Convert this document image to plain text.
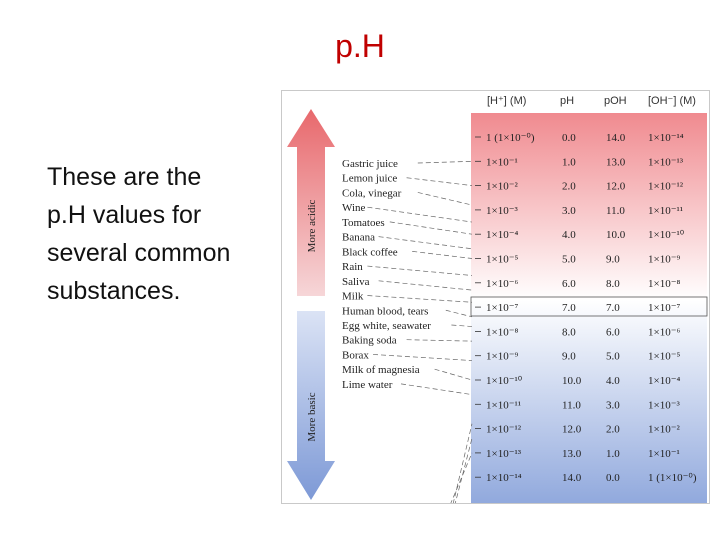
p.H
These are the p.H values for several common substances.
More acidic
More basic
[H⁺] (M)	pH	pOH [OH⁻] (M)
1 (1×10⁻⁰)	0.0	14.0 1×10⁻¹⁴
1×10⁻¹	1.0	13.0 1×10⁻¹³
1×10⁻²	2.0	12.0 1×10⁻¹²
1×10⁻³	3.0	11.0 1×10⁻¹¹
1×10⁻⁴	4.0	10.0 1×10⁻¹⁰
1×10⁻⁵	5.0	9.0	1×10⁻⁹
1×10⁻⁶	6.0	8.0	1×10⁻⁸
1×10⁻⁷	7.0	7.0	1×10⁻⁷
1×10⁻⁸	8.0	6.0	1×10⁻⁶
1×10⁻⁹	9.0	5.0	1×10⁻⁵
1×10⁻¹⁰	10.0 4.0	1×10⁻⁴
1×10⁻¹¹	11.0 3.0	1×10⁻³
1×10⁻¹²	12.0 2.0	1×10⁻²
1×10⁻¹³	13.0 1.0	1×10⁻¹
1×10⁻¹⁴	14.0 0.0	1 (1×10⁻⁰)
Gastric juice
Lemon juice
Cola, vinegar
Wine
Tomatoes
Banana
Black coffee
Rain
Saliva
Milk
Human blood, tears
Egg white, seawater
Baking soda
Borax
Milk of magnesia
Lime water
